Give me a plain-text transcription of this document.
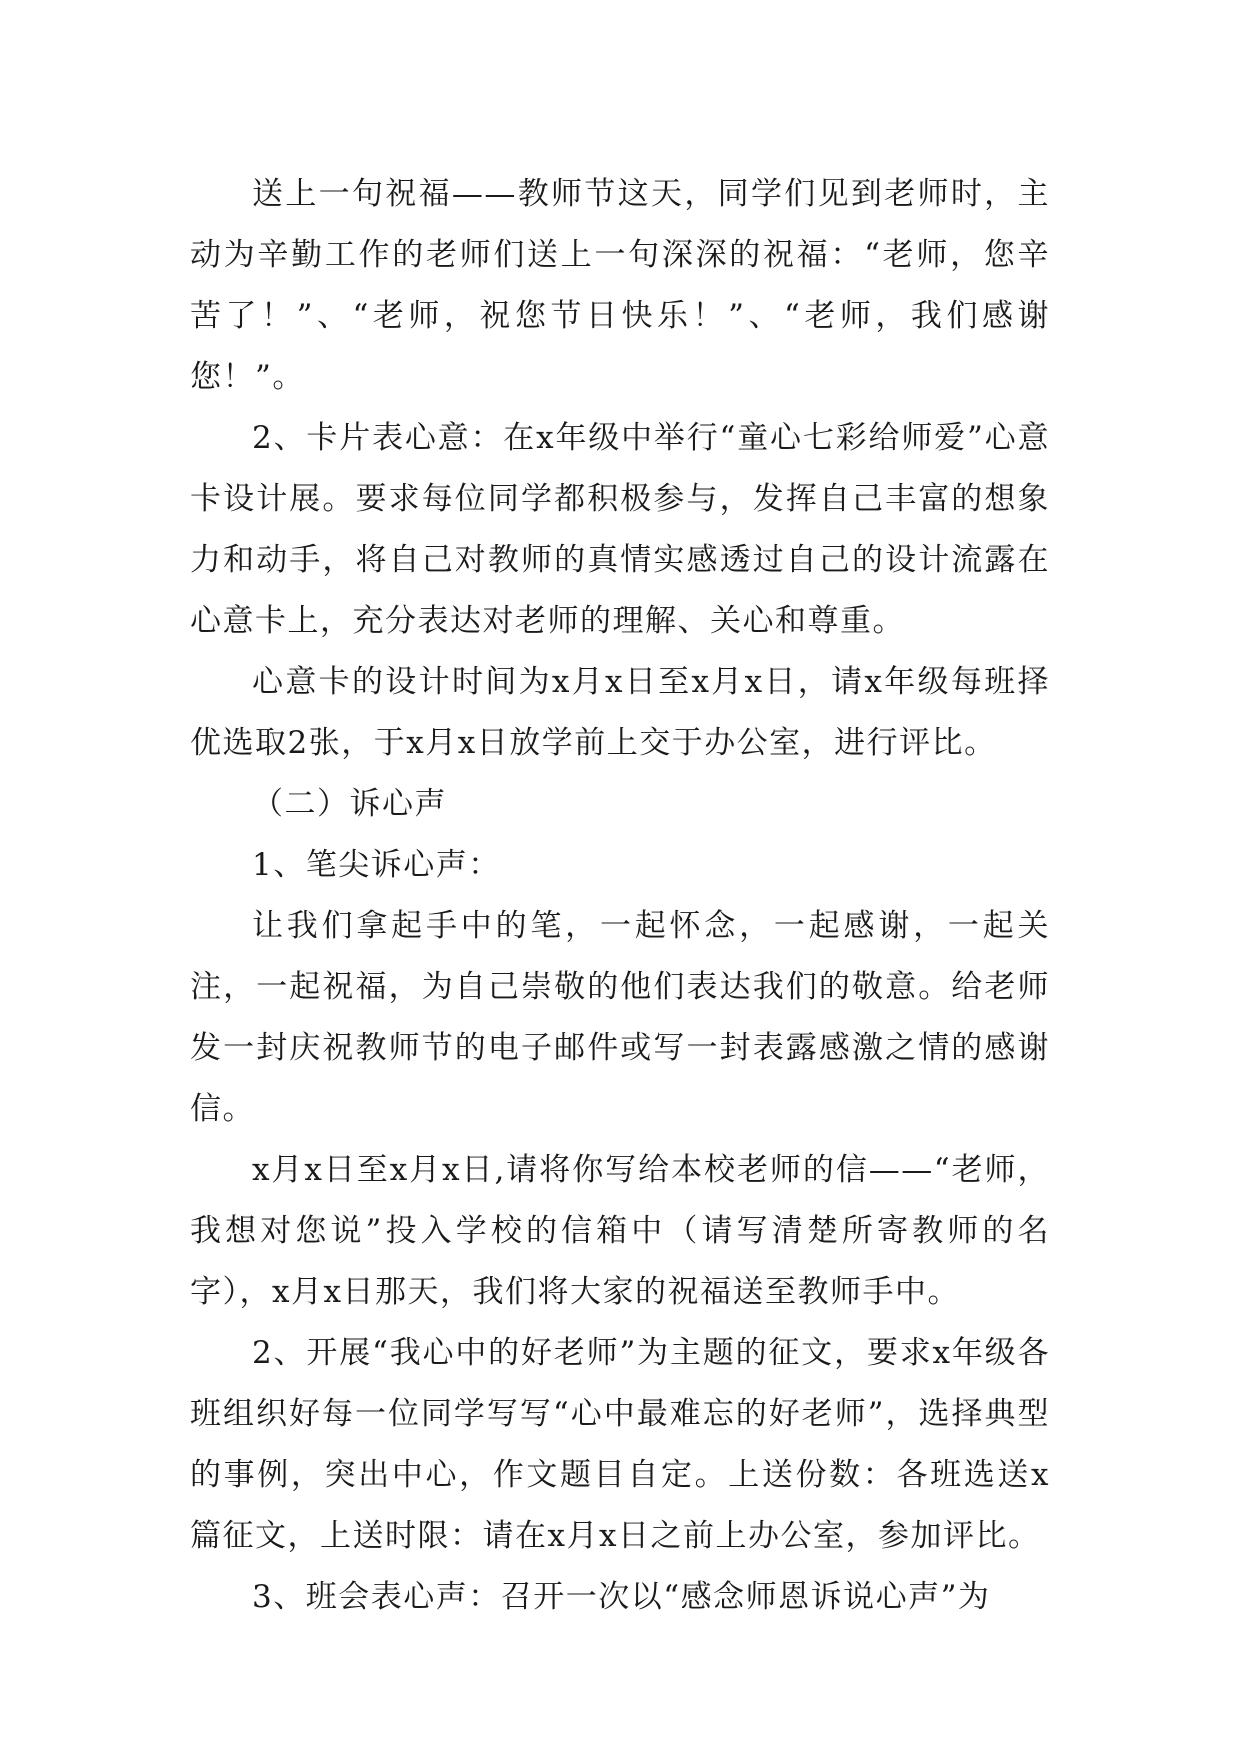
送上一句祝福——教师节这天，同学们见到老师时，主动为辛勤工作的老师们送上一句深深的祝福：“老师，您辛苦了！”、“老师，祝您节日快乐！”、“老师，我们感谢您！”。

2、卡片表心意：在x年级中举行“童心七彩给师爱”心意卡设计展。要求每位同学都积极参与，发挥自己丰富的想象力和动手，将自己对教师的真情实感透过自己的设计流露在心意卡上，充分表达对老师的理解、关心和尊重。

心意卡的设计时间为x月x日至x月x日，请x年级每班择优选取2张，于x月x日放学前上交于办公室，进行评比。

（二）诉心声

1、笔尖诉心声：

让我们拿起手中的笔，一起怀念，一起感谢，一起关注，一起祝福，为自己崇敬的他们表达我们的敬意。给老师发一封庆祝教师节的电子邮件或写一封表露感激之情的感谢信。

x月x日至x月x日,请将你写给本校老师的信——“老师，我想对您说”投入学校的信箱中（请写清楚所寄教师的名字），x月x日那天，我们将大家的祝福送至教师手中。

2、开展“我心中的好老师”为主题的征文，要求x年级各班组织好每一位同学写写“心中最难忘的好老师”，选择典型的事例，突出中心，作文题目自定。上送份数：各班选送x篇征文，上送时限：请在x月x日之前上办公室，参加评比。

3、班会表心声：召开一次以“感念师恩诉说心声”为
